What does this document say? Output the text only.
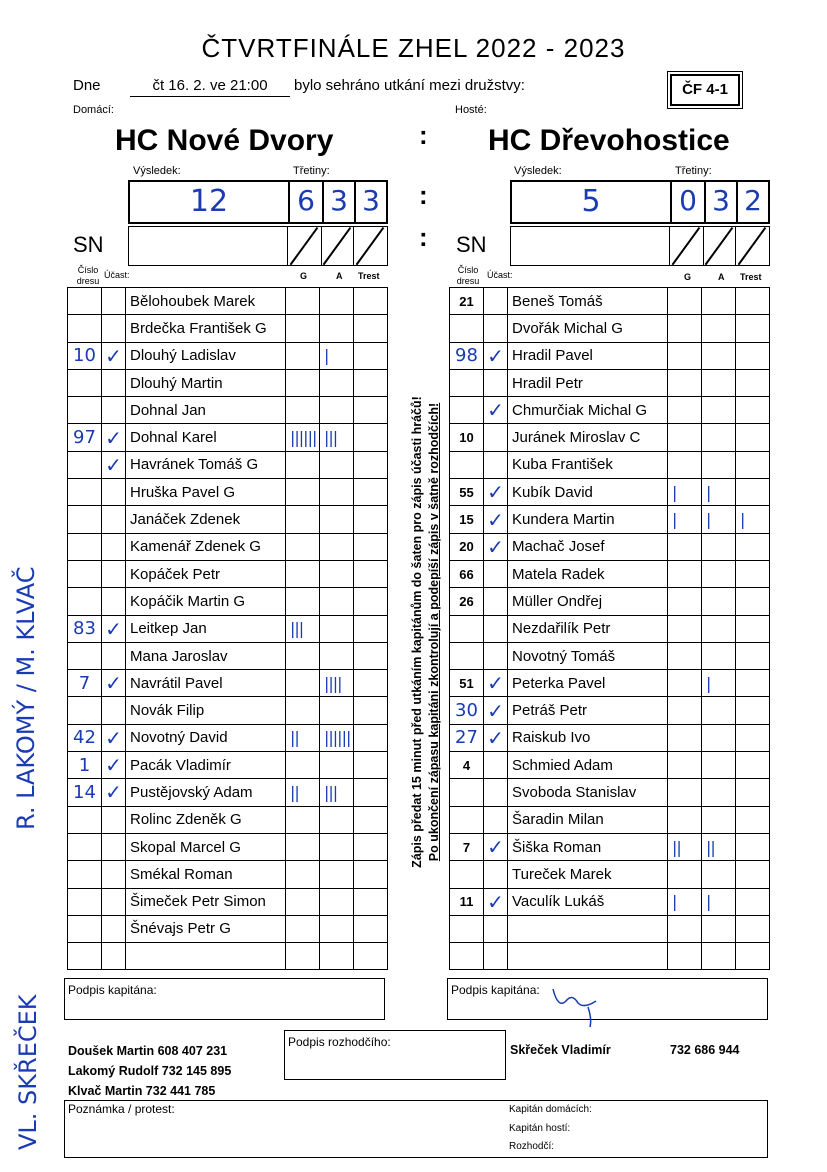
ČTVRTFINÁLE ZHEL 2022 - 2023
Dne	čt 16. 2. ve 21:00	bylo sehráno utkání mezi družstvy:	ČF 4-1
Domácí:	Hosté:
HC Nové Dvory	HC Dřevohostice
:
Výsledek:	Třetiny:	Výsledek:	Třetiny:
12	6 3 3 :	5	0 3 2
SN	: SN
Číslo
dresu
Účast:	G	A Trest
Číslo
dresu
Účast:	G	A Trest
		Bělohoubek Marek			
		Brdečka František G			
10	✓	Dlouhý Ladislav		|	
		Dlouhý Martin			
		Dohnal Jan			
97	✓	Dohnal Karel	||||||	|||	
	✓	Havránek Tomáš G			
		Hruška Pavel G			
		Janáček Zdenek			
		Kamenář Zdenek G			
		Kopáček Petr			
		Kopáčik Martin G			
83	✓	Leitkep Jan	|||		
		Mana Jaroslav			
7	✓	Navrátil Pavel		||||	
		Novák Filip			
42	✓	Novotný David	||	||||||	
1	✓	Pacák Vladimír			
14	✓	Pustějovský Adam	||	|||	
		Rolinc Zdeněk G			
		Skopal Marcel G			
		Smékal Roman			
		Šimeček Petr Simon			
		Šnévajs Petr G			

21		Beneš Tomáš			
		Dvořák Michal G			
98	✓	Hradil Pavel			
		Hradil Petr			
	✓	Chmurčiak Michal G			
10		Juránek Miroslav C			
		Kuba František			
55	✓	Kubík David	|	|	
15	✓	Kundera Martin	|	|	|
20	✓	Machač Josef			
66		Matela Radek			
26		Müller Ondřej			
		Nezdařilík Petr			
		Novotný Tomáš			
51	✓	Peterka Pavel		|	
30	✓	Petráš Petr			
27	✓	Raiskub Ivo			
4		Schmied Adam			
		Svoboda Stanislav			
		Šaradin Milan			
7	✓	Šiška Roman	||	||	
		Tureček Marek			
11	✓	Vaculík Lukáš	|	|	

Zápis předat 15 minut před utkáním kapitánům do šaten pro zápis účasti hráčů! Po ukončení zápasu kapitáni zkontrolují a podepíší zápis v šatně rozhodčích!
R. LAKOMÝ / M. KLVAČ
VL. SKŘEČEK
Podpis kapitána:	Podpis kapitána:
Doušek Martin 608 407 231
Lakomý Rudolf 732 145 895
Klvač Martin 732 441 785
Podpis rozhodčího:
Skřeček Vladimír	732 686 944
Poznámka / protest:	Kapitán domácích:
Kapitán hostí:
Rozhodčí:
